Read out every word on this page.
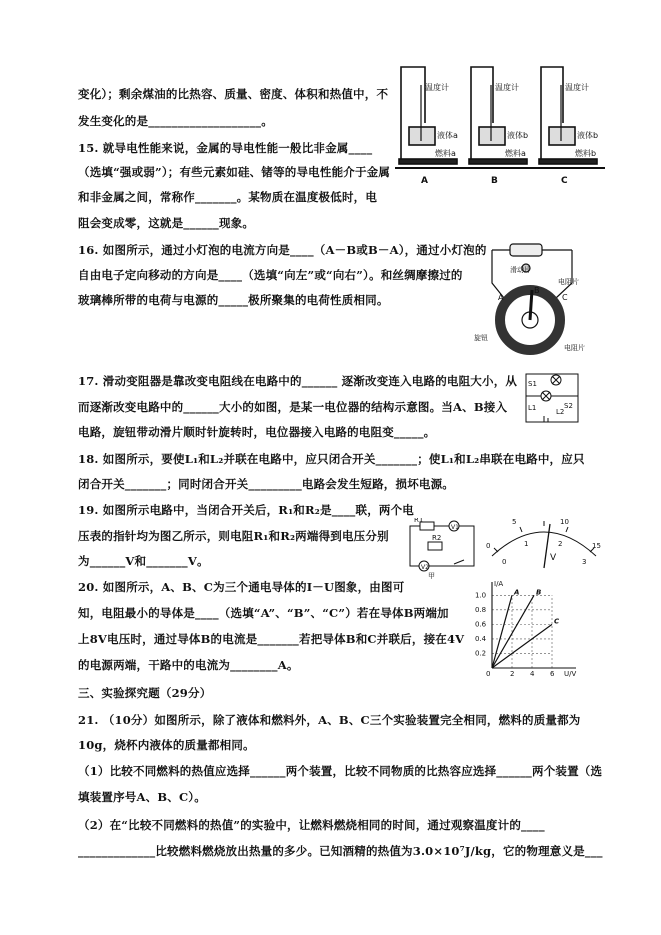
变化）；剩余煤油的比热容、质量、密度、体积和热值中，不
发生变化的是___________________。
15. 就导电性能来说，金属的导电性能一般比非金属____
（选填“强或弱”）；有些元素如硅、锗等的导电性能介于金属
和非金属之间，常称作_______。某物质在温度极低时，电
阻会变成零，这就是______现象。
16. 如图所示，通过小灯泡的电流方向是____（A－B或B－A），通过小灯泡的
自由电子定向移动的方向是____（选填“向左”或“向右”）。和丝绸摩擦过的
玻璃棒所带的电荷与电源的_____极所聚集的电荷性质相同。
17. 滑动变阻器是靠改变电阻线在电路中的______ 逐渐改变连入电路的电阻大小，从
而逐渐改变电路中的______大小的如图，是某一电位器的结构示意图。当A、B接入
电路，旋钮带动滑片顺时针旋转时，电位器接入电路的电阻变_____。
18. 如图所示，要使L₁和L₂并联在电路中，应只闭合开关_______；使L₁和L₂串联在电路中，应只
闭合开关_______；同时闭合开关_________电路会发生短路，损坏电源。
19. 如图所示电路中，当闭合开关后，R₁和R₂是____联，两个电
压表的指针均为图乙所示，则电阻R₁和R₂两端得到电压分别
为______V和_______V。
20. 如图所示，A、B、C为三个通电导体的I－U图象，由图可
知，电阻最小的导体是____（选填“A”、“B”、“C”）若在导体B两端加
上8V电压时，通过导体B的电流是_______若把导体B和C并联后，接在4V
的电源两端，干路中的电流为________A。
三、实验探究题（29分）
21. （10分）如图所示，除了液体和燃料外，A、B、C三个实验装置完全相同，燃料的质量都为
10g，烧杯内液体的质量都相同。
（1）比较不同燃料的热值应选择______两个装置，比较不同物质的比热容应选择______两个装置（选
填装置序号A、B、C）。
（2）在“比较不同燃料的热值”的实验中，让燃料燃烧相同的时间，通过观察温度计的____
_____________比较燃料燃烧放出热量的多少。已知酒精的热值为3.0×10⁷J/kg，它的物理意义是___
温度计	温度计	温度计
液体a	液体b	液体b
燃料a	燃料a	燃料b
A	B	C
滑动片
电阻片
A
B
C
旋钮
电阻片
S1
S2
L2
L1
R1
R2
V1
V2
甲
0
5	10
15
0
1	2
3
V
2 4 6
0.2
0.4
0.6
0.8
1.0
0	U/V
I/A
A B
C
